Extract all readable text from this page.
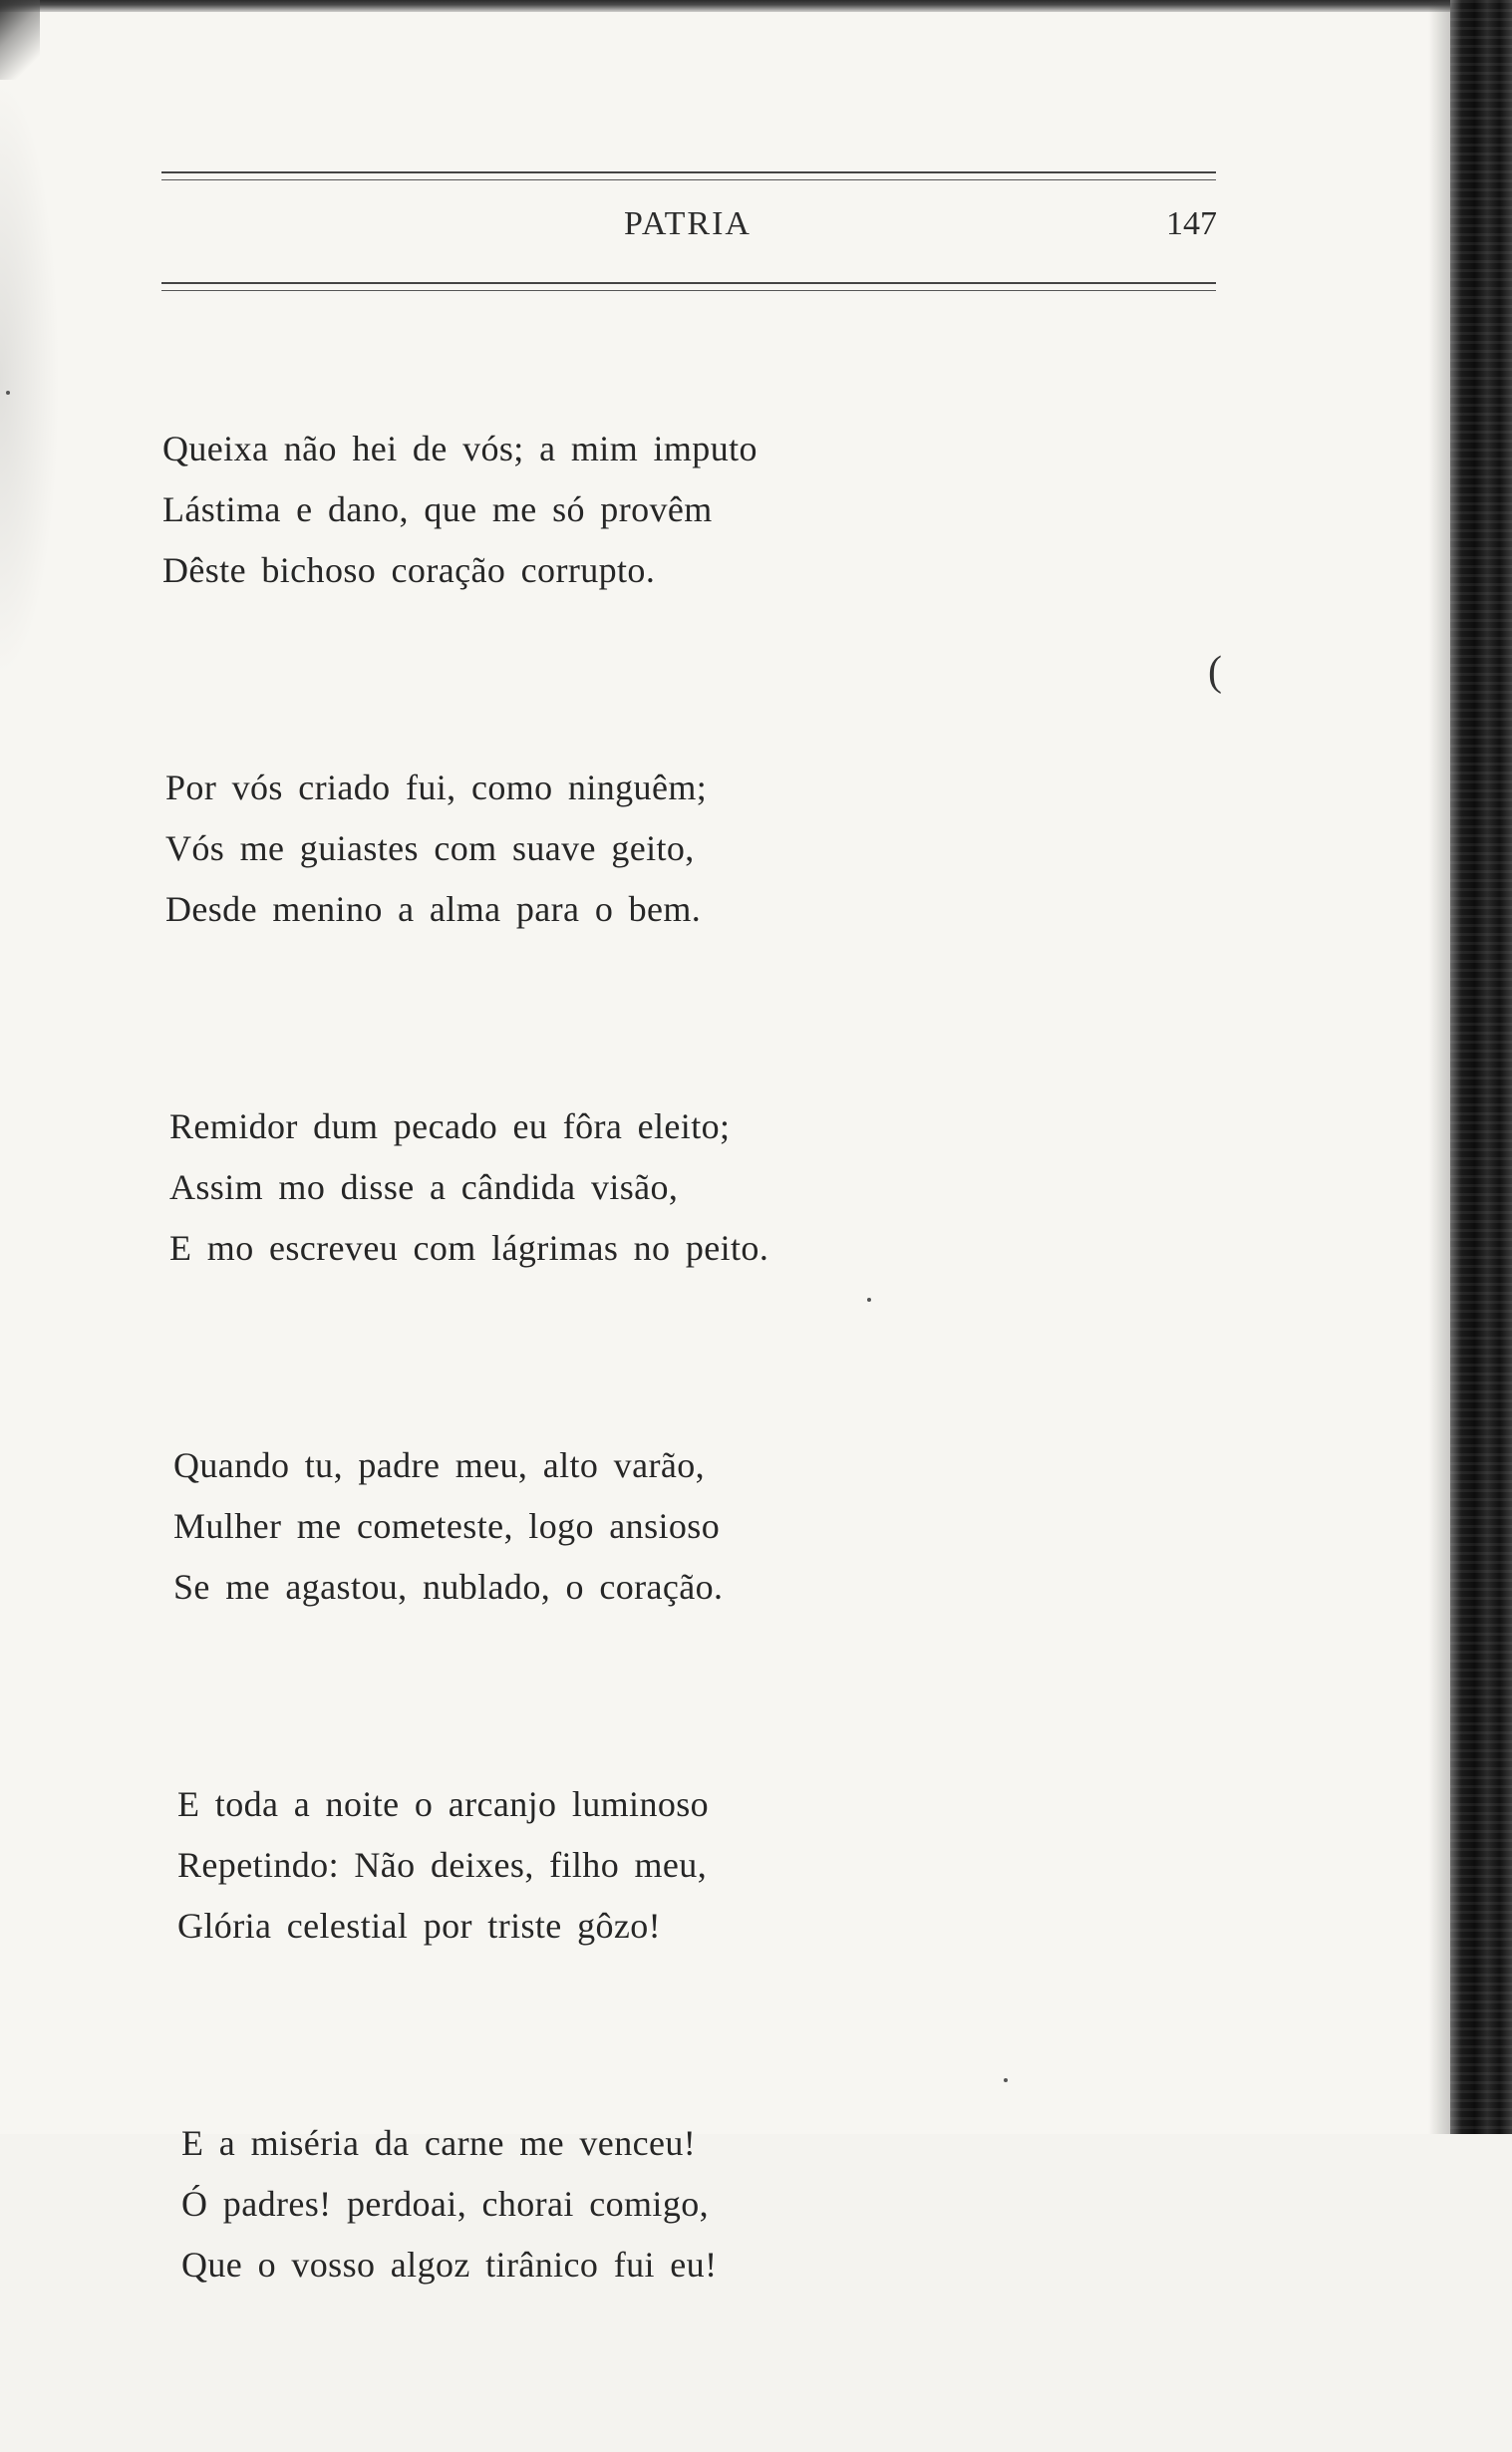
PATRIA	147
(
Queixa não hei de vós; a mim imputo
Lástima e dano, que me só provêm
Dêste bichoso coração corrupto.
Por vós criado fui, como ninguêm;
Vós me guiastes com suave geito,
Desde menino a alma para o bem.
Remidor dum pecado eu fôra eleito;
Assim mo disse a cândida visão,
E mo escreveu com lágrimas no peito.
Quando tu, padre meu, alto varão,
Mulher me cometeste, logo ansioso
Se me agastou, nublado, o coração.
E toda a noite o arcanjo luminoso
Repetindo: Não deixes, filho meu,
Glória celestial por triste gôzo!
E a miséria da carne me venceu!
Ó padres! perdoai, chorai comigo,
Que o vosso algoz tirânico fui eu!
